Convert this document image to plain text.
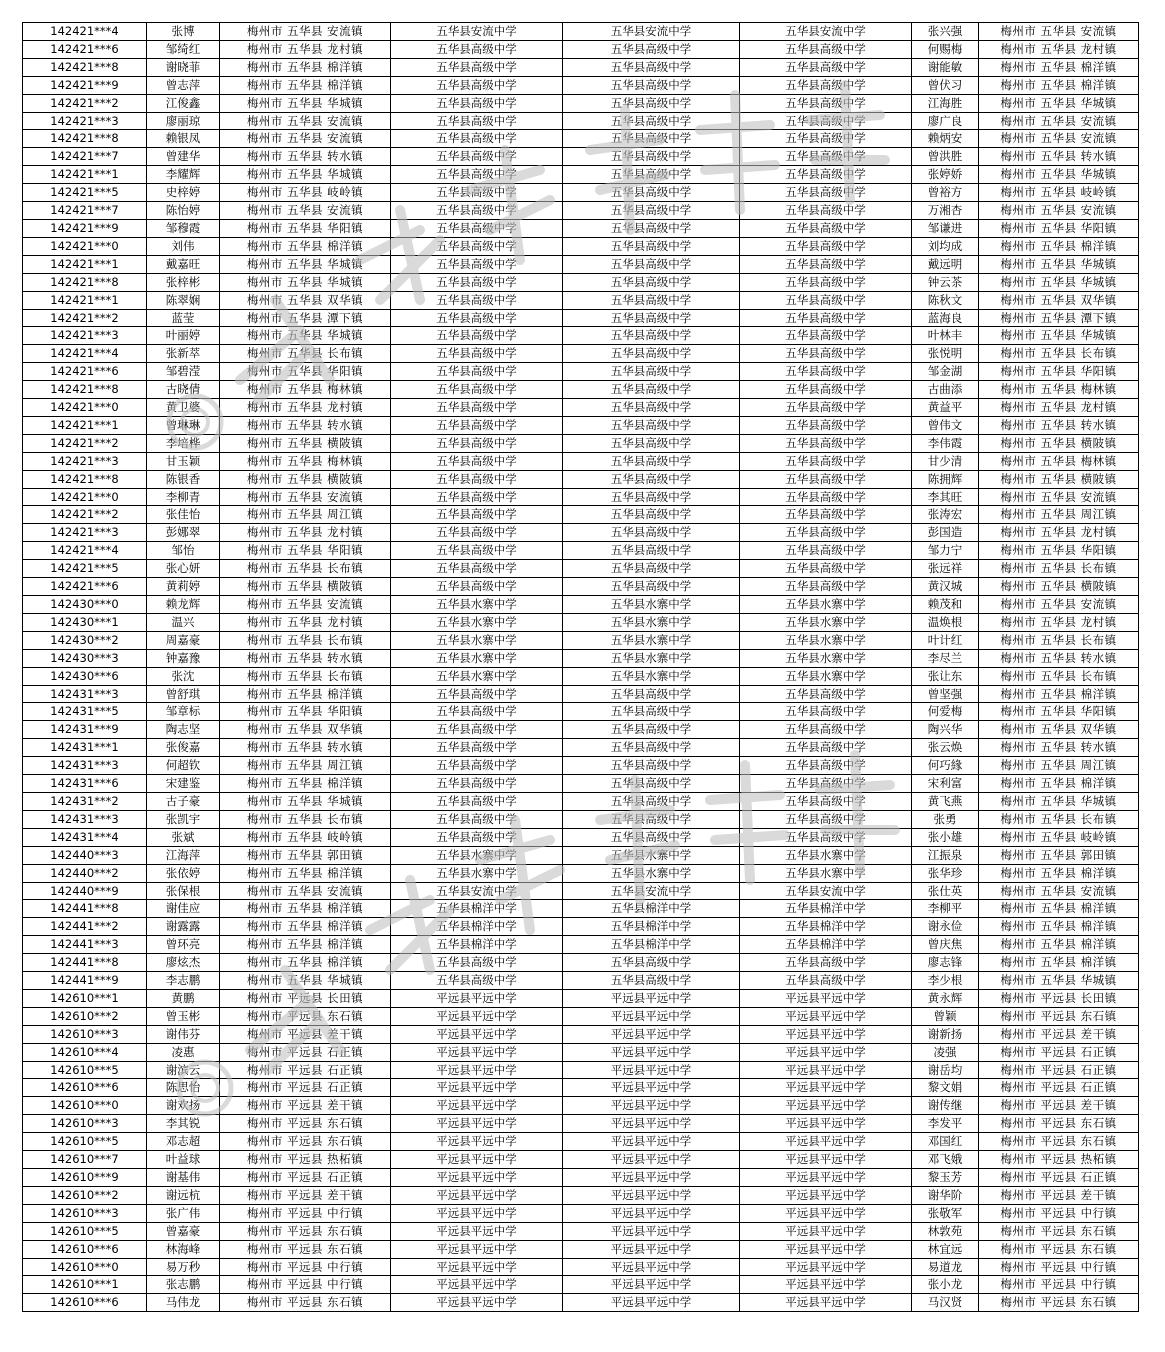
142421***4	张博	梅州市 五华县 安流镇	五华县安流中学	五华县安流中学	五华县安流中学	张兴强	梅州市 五华县 安流镇
142421***6	邹绮红	梅州市 五华县 龙村镇	五华县高级中学	五华县高级中学	五华县高级中学	何赐梅	梅州市 五华县 龙村镇
142421***8	谢晓菲	梅州市 五华县 棉洋镇	五华县高级中学	五华县高级中学	五华县高级中学	谢能敏	梅州市 五华县 棉洋镇
142421***9	曾志萍	梅州市 五华县 棉洋镇	五华县高级中学	五华县高级中学	五华县高级中学	曾伏习	梅州市 五华县 棉洋镇
142421***2	江俊鑫	梅州市 五华县 华城镇	五华县高级中学	五华县高级中学	五华县高级中学	江海胜	梅州市 五华县 华城镇
142421***3	廖丽琼	梅州市 五华县 安流镇	五华县高级中学	五华县高级中学	五华县高级中学	廖广良	梅州市 五华县 安流镇
142421***8	赖银凤	梅州市 五华县 安流镇	五华县高级中学	五华县高级中学	五华县高级中学	赖炳安	梅州市 五华县 安流镇
142421***7	曾建华	梅州市 五华县 转水镇	五华县高级中学	五华县高级中学	五华县高级中学	曾洪胜	梅州市 五华县 转水镇
142421***1	李耀辉	梅州市 五华县 华城镇	五华县高级中学	五华县高级中学	五华县高级中学	张婷娇	梅州市 五华县 华城镇
142421***5	史梓婷	梅州市 五华县 岐岭镇	五华县高级中学	五华县高级中学	五华县高级中学	曾裕方	梅州市 五华县 岐岭镇
142421***7	陈怡婷	梅州市 五华县 安流镇	五华县高级中学	五华县高级中学	五华县高级中学	万湘杏	梅州市 五华县 安流镇
142421***9	邹穆霞	梅州市 五华县 华阳镇	五华县高级中学	五华县高级中学	五华县高级中学	邹谦进	梅州市 五华县 华阳镇
142421***0	刘伟	梅州市 五华县 棉洋镇	五华县高级中学	五华县高级中学	五华县高级中学	刘均成	梅州市 五华县 棉洋镇
142421***1	戴嘉旺	梅州市 五华县 华城镇	五华县高级中学	五华县高级中学	五华县高级中学	戴远明	梅州市 五华县 华城镇
142421***8	张梓彬	梅州市 五华县 华城镇	五华县高级中学	五华县高级中学	五华县高级中学	钟云茶	梅州市 五华县 华城镇
142421***1	陈翠娴	梅州市 五华县 双华镇	五华县高级中学	五华县高级中学	五华县高级中学	陈秋文	梅州市 五华县 双华镇
142421***2	蓝莹	梅州市 五华县 潭下镇	五华县高级中学	五华县高级中学	五华县高级中学	蓝海良	梅州市 五华县 潭下镇
142421***3	叶丽婷	梅州市 五华县 华城镇	五华县高级中学	五华县高级中学	五华县高级中学	叶林丰	梅州市 五华县 华城镇
142421***4	张新萃	梅州市 五华县 长布镇	五华县高级中学	五华县高级中学	五华县高级中学	张悦明	梅州市 五华县 长布镇
142421***6	邹碧滢	梅州市 五华县 华阳镇	五华县高级中学	五华县高级中学	五华县高级中学	邹金湖	梅州市 五华县 华阳镇
142421***8	古晓倩	梅州市 五华县 梅林镇	五华县高级中学	五华县高级中学	五华县高级中学	古曲添	梅州市 五华县 梅林镇
142421***0	黄卫婆	梅州市 五华县 龙村镇	五华县高级中学	五华县高级中学	五华县高级中学	黄益平	梅州市 五华县 龙村镇
142421***1	曾琳琳	梅州市 五华县 转水镇	五华县高级中学	五华县高级中学	五华县高级中学	曾伟文	梅州市 五华县 转水镇
142421***2	李培桦	梅州市 五华县 横陂镇	五华县高级中学	五华县高级中学	五华县高级中学	李伟霞	梅州市 五华县 横陂镇
142421***3	甘玉颖	梅州市 五华县 梅林镇	五华县高级中学	五华县高级中学	五华县高级中学	甘少清	梅州市 五华县 梅林镇
142421***8	陈银香	梅州市 五华县 横陂镇	五华县高级中学	五华县高级中学	五华县高级中学	陈拥辉	梅州市 五华县 横陂镇
142421***0	李柳青	梅州市 五华县 安流镇	五华县高级中学	五华县高级中学	五华县高级中学	李其旺	梅州市 五华县 安流镇
142421***2	张佳怡	梅州市 五华县 周江镇	五华县高级中学	五华县高级中学	五华县高级中学	张涛宏	梅州市 五华县 周江镇
142421***3	彭娜翠	梅州市 五华县 龙村镇	五华县高级中学	五华县高级中学	五华县高级中学	彭国造	梅州市 五华县 龙村镇
142421***4	邹怡	梅州市 五华县 华阳镇	五华县高级中学	五华县高级中学	五华县高级中学	邹力宁	梅州市 五华县 华阳镇
142421***5	张心妍	梅州市 五华县 长布镇	五华县高级中学	五华县高级中学	五华县高级中学	张远祥	梅州市 五华县 长布镇
142421***6	黄莉婷	梅州市 五华县 横陂镇	五华县高级中学	五华县高级中学	五华县高级中学	黄汉城	梅州市 五华县 横陂镇
142430***0	赖龙辉	梅州市 五华县 安流镇	五华县水寨中学	五华县水寨中学	五华县水寨中学	赖茂和	梅州市 五华县 安流镇
142430***1	温兴	梅州市 五华县 龙村镇	五华县水寨中学	五华县水寨中学	五华县水寨中学	温焕根	梅州市 五华县 龙村镇
142430***2	周嘉豪	梅州市 五华县 长布镇	五华县水寨中学	五华县水寨中学	五华县水寨中学	叶计红	梅州市 五华县 长布镇
142430***3	钟嘉豫	梅州市 五华县 转水镇	五华县水寨中学	五华县水寨中学	五华县水寨中学	李尽兰	梅州市 五华县 转水镇
142430***6	张沈	梅州市 五华县 长布镇	五华县水寨中学	五华县水寨中学	五华县水寨中学	张让东	梅州市 五华县 长布镇
142431***3	曾舒琪	梅州市 五华县 棉洋镇	五华县高级中学	五华县高级中学	五华县高级中学	曾坚强	梅州市 五华县 棉洋镇
142431***5	邹章标	梅州市 五华县 华阳镇	五华县高级中学	五华县高级中学	五华县高级中学	何爱梅	梅州市 五华县 华阳镇
142431***9	陶志坚	梅州市 五华县 双华镇	五华县高级中学	五华县高级中学	五华县高级中学	陶兴华	梅州市 五华县 双华镇
142431***1	张俊嘉	梅州市 五华县 转水镇	五华县高级中学	五华县高级中学	五华县高级中学	张云焕	梅州市 五华县 转水镇
142431***3	何超钦	梅州市 五华县 周江镇	五华县高级中学	五华县高级中学	五华县高级中学	何巧緣	梅州市 五华县 周江镇
142431***6	宋建鉴	梅州市 五华县 棉洋镇	五华县高级中学	五华县高级中学	五华县高级中学	宋利富	梅州市 五华县 棉洋镇
142431***2	古子豪	梅州市 五华县 华城镇	五华县高级中学	五华县高级中学	五华县高级中学	黄飞燕	梅州市 五华县 华城镇
142431***3	张凯宇	梅州市 五华县 长布镇	五华县高级中学	五华县高级中学	五华县高级中学	张勇	梅州市 五华县 长布镇
142431***4	张斌	梅州市 五华县 岐岭镇	五华县高级中学	五华县高级中学	五华县高级中学	张小雄	梅州市 五华县 岐岭镇
142440***3	江海萍	梅州市 五华县 郭田镇	五华县水寨中学	五华县水寨中学	五华县水寨中学	江振泉	梅州市 五华县 郭田镇
142440***2	张依婷	梅州市 五华县 棉洋镇	五华县水寨中学	五华县水寨中学	五华县水寨中学	张华珍	梅州市 五华县 棉洋镇
142440***9	张保根	梅州市 五华县 安流镇	五华县安流中学	五华县安流中学	五华县安流中学	张仕英	梅州市 五华县 安流镇
142441***8	谢佳应	梅州市 五华县 棉洋镇	五华县棉洋中学	五华县棉洋中学	五华县棉洋中学	李柳平	梅州市 五华县 棉洋镇
142441***2	谢露露	梅州市 五华县 棉洋镇	五华县棉洋中学	五华县棉洋中学	五华县棉洋中学	谢永俭	梅州市 五华县 棉洋镇
142441***3	曾环亮	梅州市 五华县 棉洋镇	五华县棉洋中学	五华县棉洋中学	五华县棉洋中学	曾庆焦	梅州市 五华县 棉洋镇
142441***8	廖炫杰	梅州市 五华县 棉洋镇	五华县高级中学	五华县高级中学	五华县高级中学	廖志锋	梅州市 五华县 棉洋镇
142441***9	李志鹏	梅州市 五华县 华城镇	五华县高级中学	五华县高级中学	五华县高级中学	李少根	梅州市 五华县 华城镇
142610***1	黄鹏	梅州市 平远县 长田镇	平远县平远中学	平远县平远中学	平远县平远中学	黄永辉	梅州市 平远县 长田镇
142610***2	曾玉彬	梅州市 平远县 东石镇	平远县平远中学	平远县平远中学	平远县平远中学	曾颖	梅州市 平远县 东石镇
142610***3	谢伟芬	梅州市 平远县 差干镇	平远县平远中学	平远县平远中学	平远县平远中学	谢新扬	梅州市 平远县 差干镇
142610***4	凌惠	梅州市 平远县 石正镇	平远县平远中学	平远县平远中学	平远县平远中学	凌强	梅州市 平远县 石正镇
142610***5	谢滨云	梅州市 平远县 石正镇	平远县平远中学	平远县平远中学	平远县平远中学	谢岳均	梅州市 平远县 石正镇
142610***6	陈思怡	梅州市 平远县 石正镇	平远县平远中学	平远县平远中学	平远县平远中学	黎文娟	梅州市 平远县 石正镇
142610***0	谢欢扬	梅州市 平远县 差干镇	平远县平远中学	平远县平远中学	平远县平远中学	谢传继	梅州市 平远县 差干镇
142610***3	李其锐	梅州市 平远县 东石镇	平远县平远中学	平远县平远中学	平远县平远中学	李发平	梅州市 平远县 东石镇
142610***5	邓志超	梅州市 平远县 东石镇	平远县平远中学	平远县平远中学	平远县平远中学	邓国红	梅州市 平远县 东石镇
142610***7	叶益球	梅州市 平远县 热柘镇	平远县平远中学	平远县平远中学	平远县平远中学	邓飞娥	梅州市 平远县 热柘镇
142610***9	谢基伟	梅州市 平远县 石正镇	平远县平远中学	平远县平远中学	平远县平远中学	黎玉芳	梅州市 平远县 石正镇
142610***2	谢远杭	梅州市 平远县 差干镇	平远县平远中学	平远县平远中学	平远县平远中学	谢华阶	梅州市 平远县 差干镇
142610***3	张广伟	梅州市 平远县 中行镇	平远县平远中学	平远县平远中学	平远县平远中学	张敬军	梅州市 平远县 中行镇
142610***5	曾嘉豪	梅州市 平远县 东石镇	平远县平远中学	平远县平远中学	平远县平远中学	林敦苑	梅州市 平远县 东石镇
142610***6	林海峰	梅州市 平远县 东石镇	平远县平远中学	平远县平远中学	平远县平远中学	林宜远	梅州市 平远县 东石镇
142610***0	易万秒	梅州市 平远县 中行镇	平远县平远中学	平远县平远中学	平远县平远中学	易道龙	梅州市 平远县 中行镇
142610***1	张志鹏	梅州市 平远县 中行镇	平远县平远中学	平远县平远中学	平远县平远中学	张小龙	梅州市 平远县 中行镇
142610***6	马伟龙	梅州市 平远县 东石镇	平远县平远中学	平远县平远中学	平远县平远中学	马汉贤	梅州市 平远县 东石镇
